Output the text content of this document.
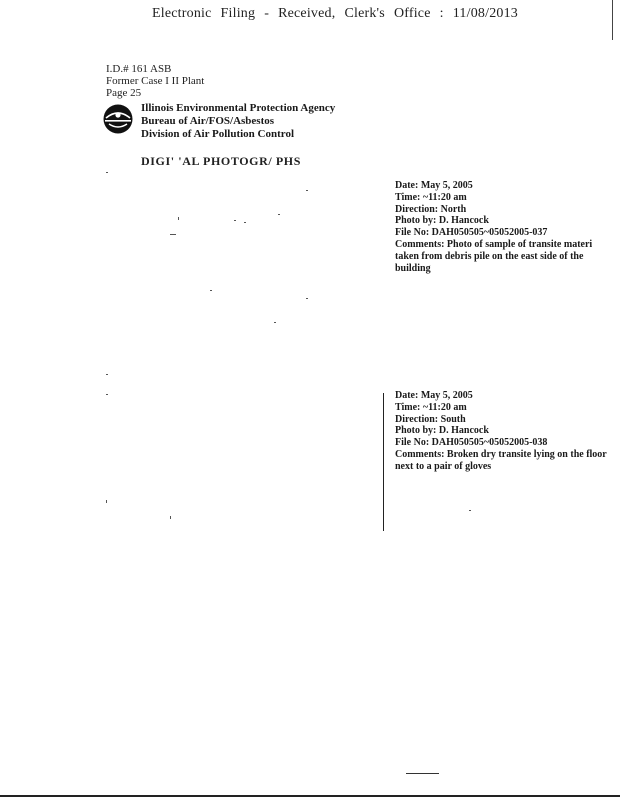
Electronic Filing - Received, Clerk's Office : 11/08/2013
I.D.# 161 ASB
Former Case I II Plant
Page 25
Illinois Environmental Protection Agency
Bureau of Air/FOS/Asbestos
Division of Air Pollution Control
DIGI' 'AL PHOTOGR/ PHS
Date: May 5, 2005
Time: ~11:20 am
Direction: North
Photo by: D. Hancock
File No: DAH050505~05052005-037
Comments: Photo of sample of transite materi taken from debris pile on the east side of the building
Date: May 5, 2005
Time: ~11:20 am
Direction: South
Photo by: D. Hancock
File No: DAH050505~05052005-038
Comments: Broken dry transite lying on the floor next to a pair of gloves
